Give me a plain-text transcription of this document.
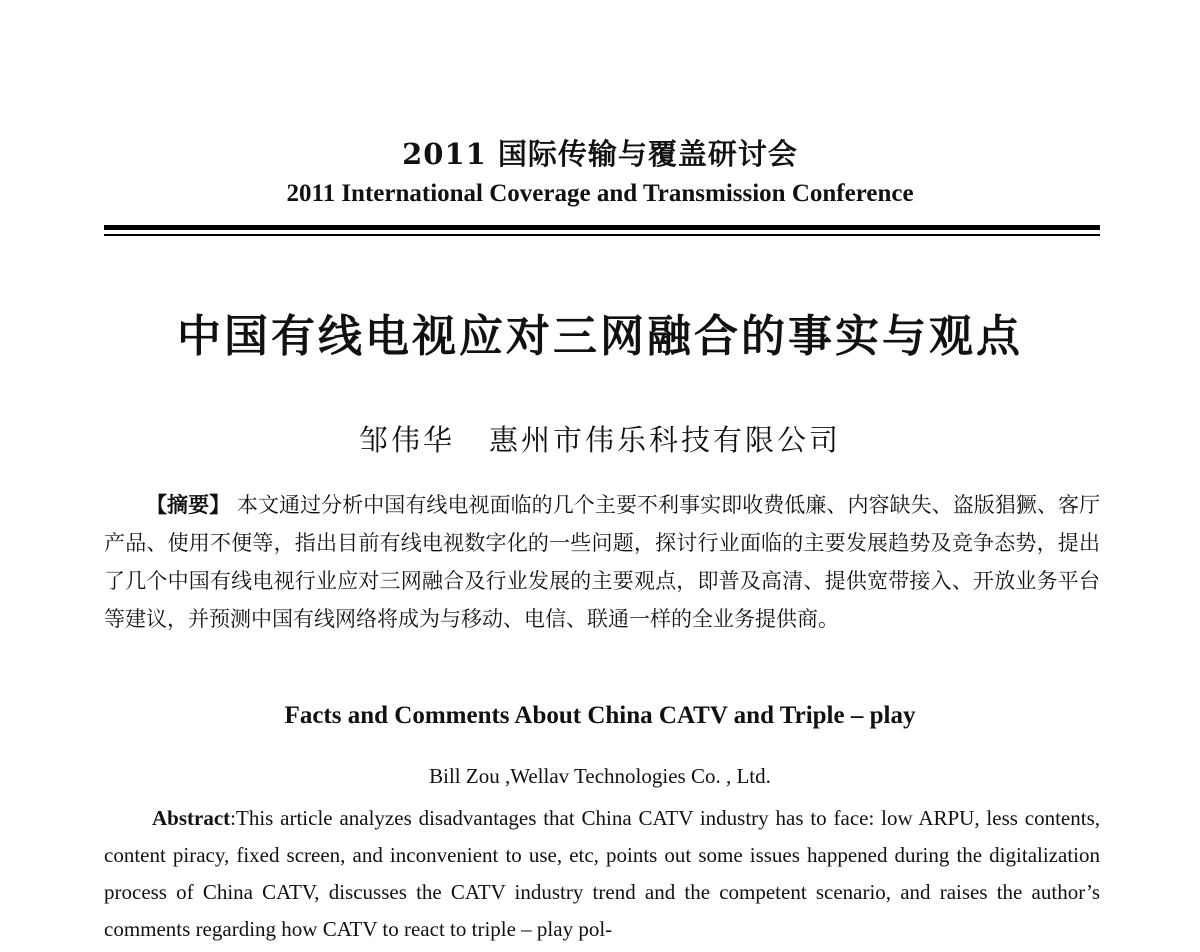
2011 国际传输与覆盖研讨会
2011 International Coverage and Transmission Conference
中国有线电视应对三网融合的事实与观点
邹伟华 惠州市伟乐科技有限公司
【摘要】 本文通过分析中国有线电视面临的几个主要不利事实即收费低廉、内容缺失、盗版猖獗、客厅产品、使用不便等，指出目前有线电视数字化的一些问题，探讨行业面临的主要发展趋势及竞争态势，提出了几个中国有线电视行业应对三网融合及行业发展的主要观点，即普及高清、提供宽带接入、开放业务平台等建议，并预测中国有线网络将成为与移动、电信、联通一样的全业务提供商。
Facts and Comments About China CATV and Triple – play
Bill Zou ,Wellav Technologies Co. , Ltd.
Abstract:This article analyzes disadvantages that China CATV industry has to face: low ARPU, less contents, content piracy, fixed screen, and inconvenient to use, etc, points out some issues happened during the digitalization process of China CATV, discusses the CATV industry trend and the competent scenario, and raises the author’s comments regarding how CATV to react to triple – play pol-
